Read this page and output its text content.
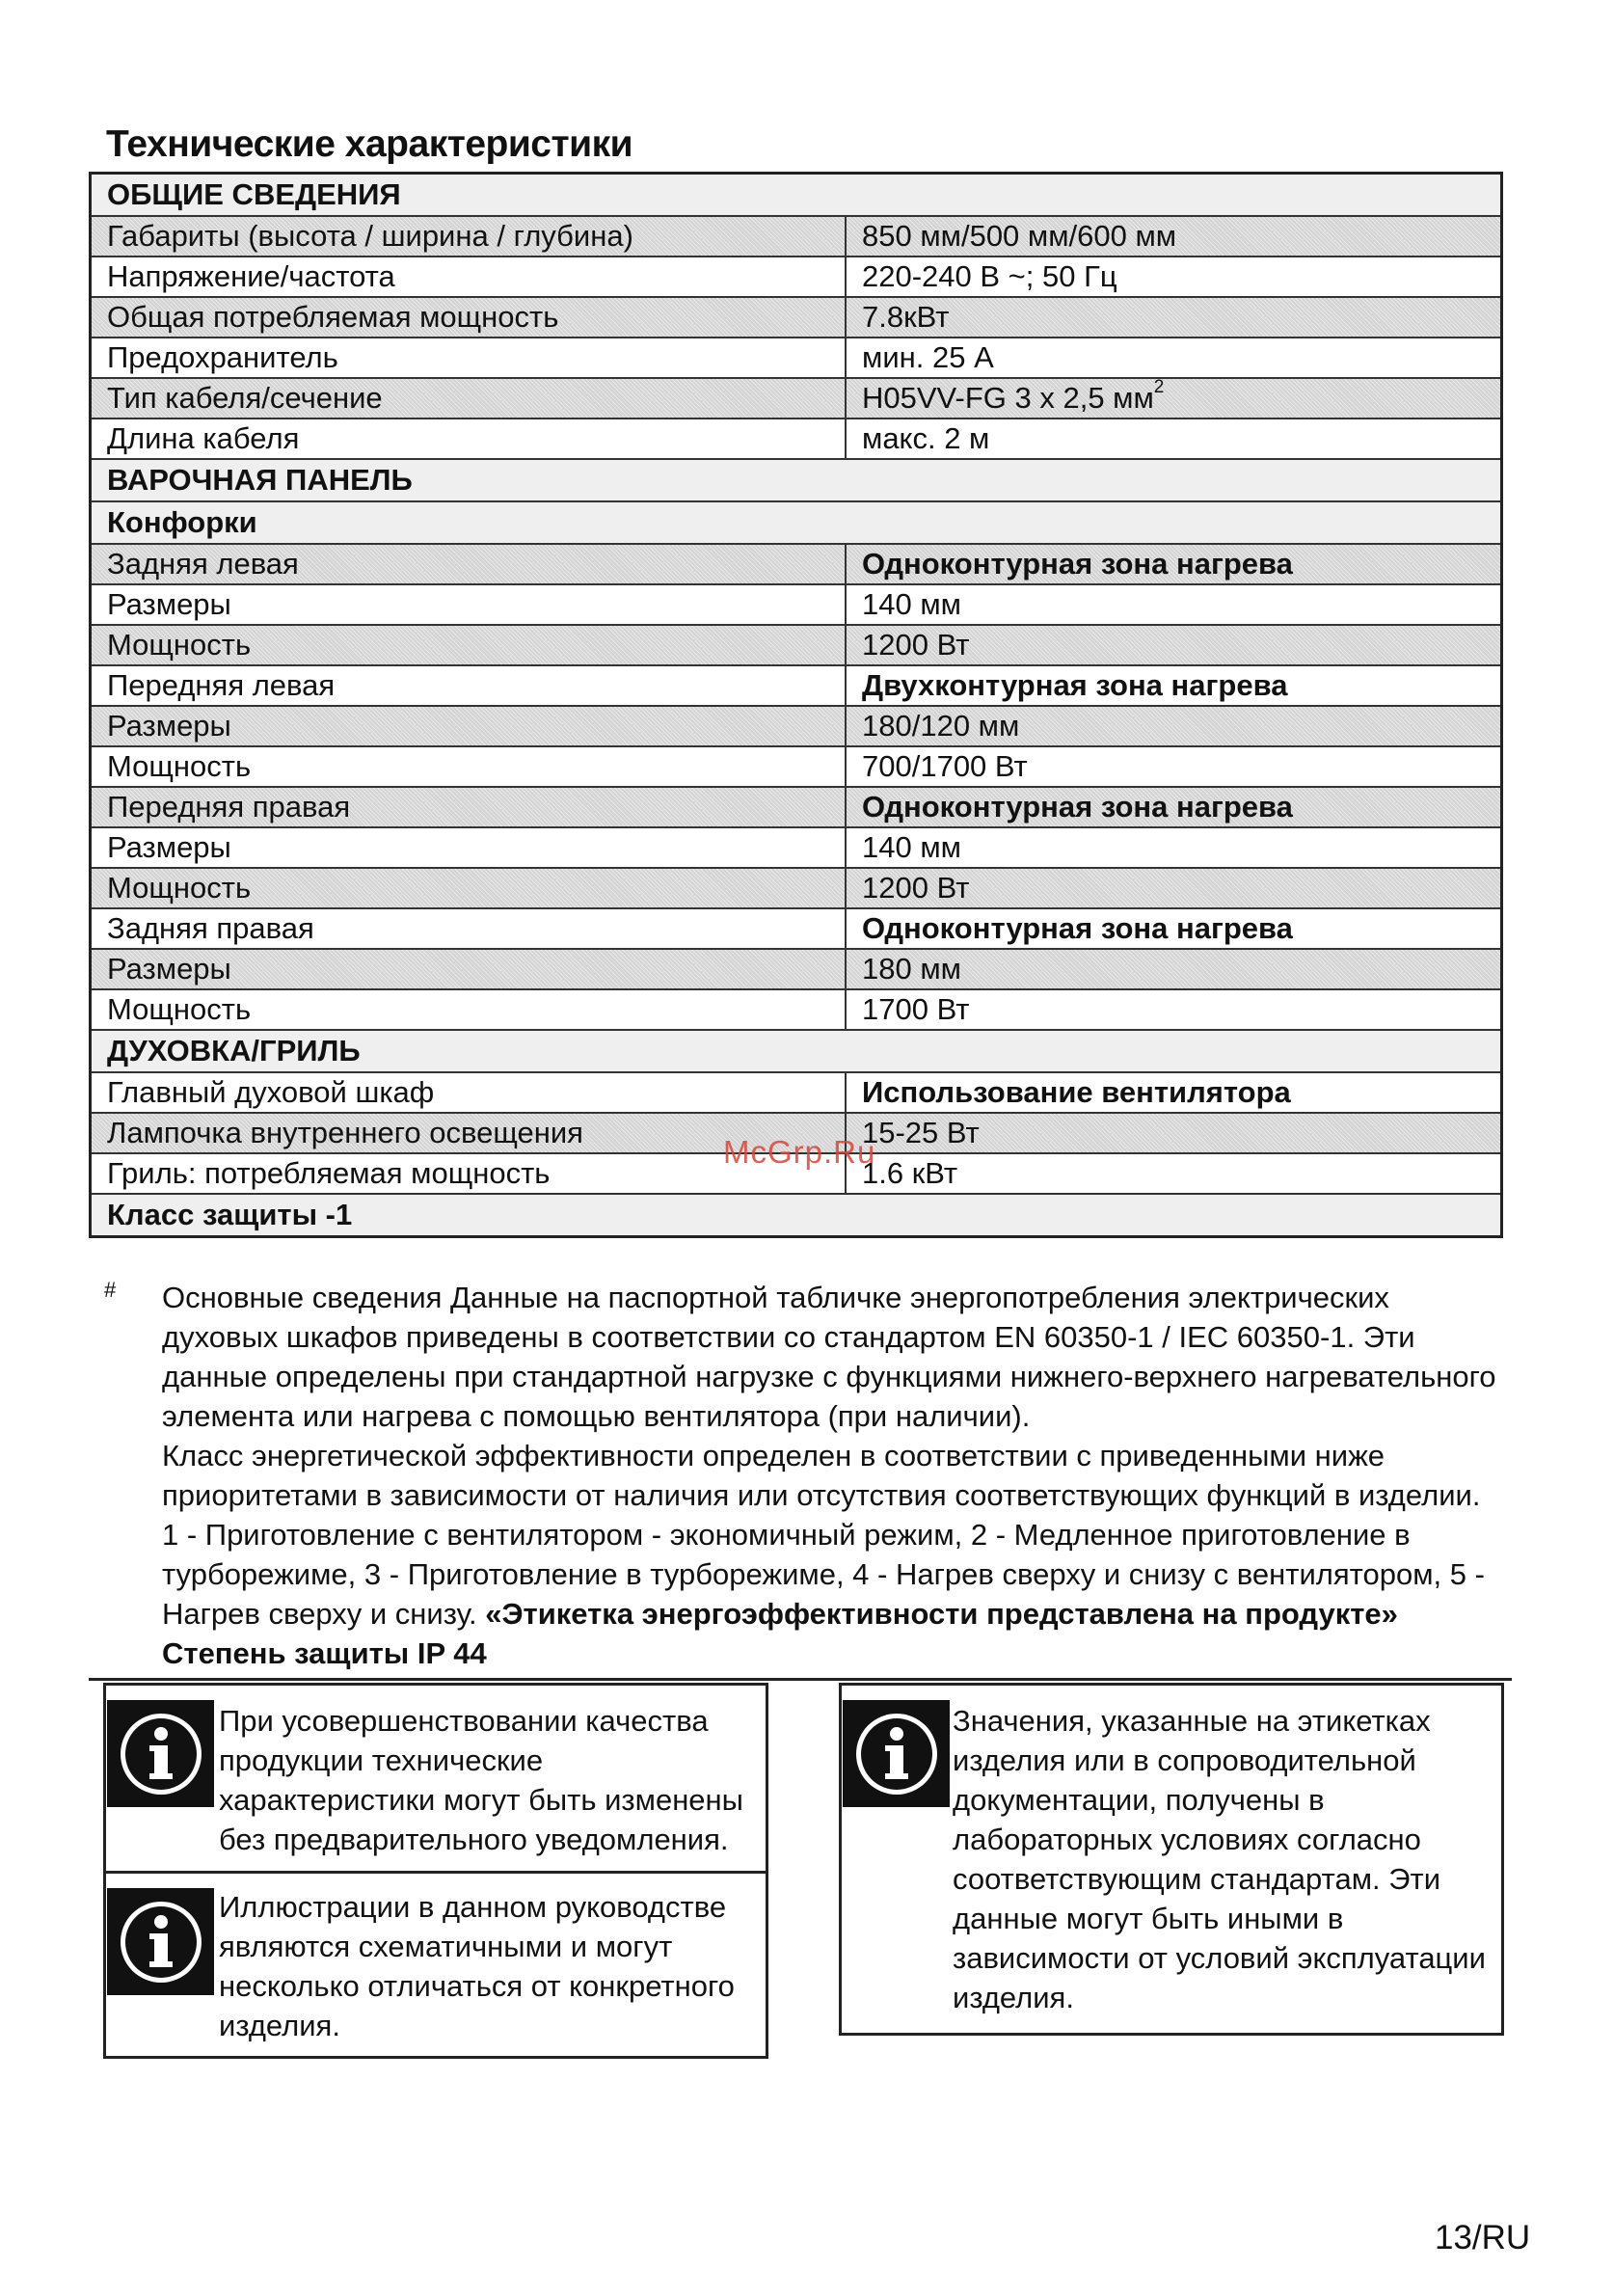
Технические характеристики
ОБЩИЕ СВЕДЕНИЯ	
Габариты (высота / ширина / глубина)	850 мм/500 мм/600 мм
Напряжение/частота	220-240 В ~; 50 Гц
Общая потребляемая мощность	7.8кВт
Предохранитель	мин. 25 А
Тип кабеля/сечение	H05VV-FG 3 x 2,5 $мм^2$
Длина кабеля	макс. 2 м
ВАРОЧНАЯ ПАНЕЛЬ	
Конфорки	
Задняя левая	Одноконтурная зона нагрева
Размеры	140 мм
Мощность	1200 Вт
Передняя левая	Двухконтурная зона нагрева
Размеры	180/120 мм
Мощность	700/1700 Вт
Передняя правая	Одноконтурная зона нагрева
Размеры	140 мм
Мощность	1200 Вт
Задняя правая	Одноконтурная зона нагрева
Размеры	180 мм
Мощность	1700 Вт
ДУХОВКА/ГРИЛЬ	
Главный духовой шкаф	Использование вентилятора
Лампочка внутреннего освещения	15-25 Вт
Гриль: потребляемая мощность	1.6 кВт
Класс защиты -1	
McGrp.Ru
# Основные сведения Данные на паспортной табличке энергопотребления электрических духовых шкафов приведены в соответствии со стандартом EN 60350-1 / IEC 60350-1. Эти данные определены при стандартной нагрузке с функциями нижнего-верхнего нагревательного элемента или нагрева с помощью вентилятора (при наличии).

Класс энергетической эффективности определен в соответствии с приведенными ниже приоритетами в зависимости от наличия или отсутствия соответствующих функций в изделии. 1 - Приготовление с вентилятором - экономичный режим, 2 - Медленное приготовление в турборежиме, 3 - Приготовление в турборежиме, 4 - Нагрев сверху и снизу с вентилятором, 5 - Нагрев сверху и снизу. «Этикетка энергоэффективности представлена на продукте»

Степень защиты IP 44

При усовершенствовании качества продукции технические характеристики могут быть изменены без предварительного уведомления.
Иллюстрации в данном руководстве являются схематичными и могут несколько отличаться от конкретного изделия.
Значения, указанные на этикетках изделия или в сопроводительной документации, получены в лабораторных условиях согласно соответствующим стандартам. Эти данные могут быть иными в зависимости от условий эксплуатации изделия.
13/RU
